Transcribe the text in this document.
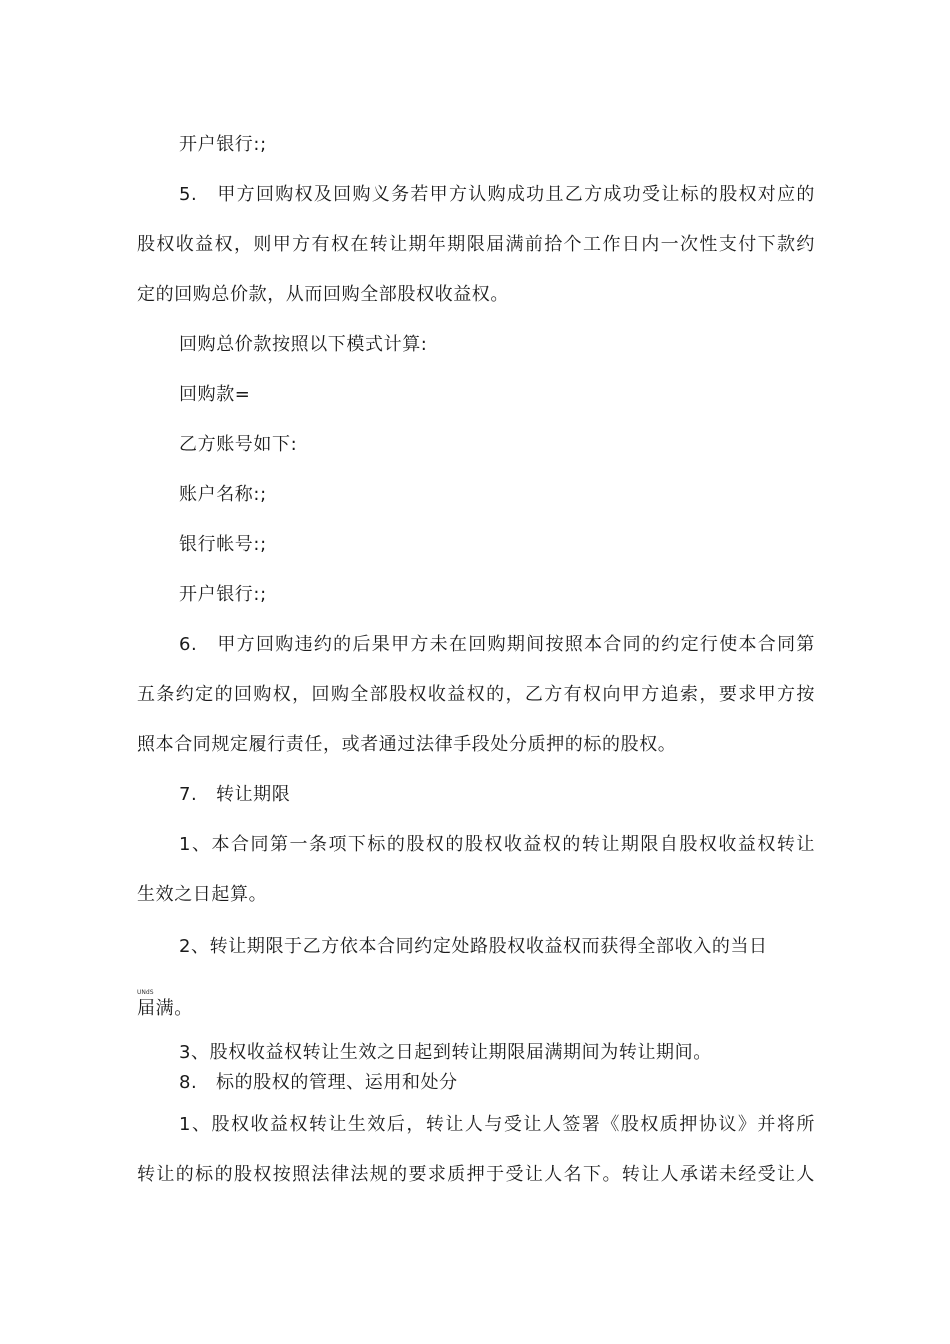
开户银行:;
5.　甲方回购权及回购义务若甲方认购成功且乙方成功受让标的股权对应的
股权收益权，则甲方有权在转让期年期限届满前拾个工作日内一次性支付下款约
定的回购总价款，从而回购全部股权收益权。
回购总价款按照以下模式计算:
回购款=
乙方账号如下:
账户名称:;
银行帐号:;
开户银行:;
6.　甲方回购违约的后果甲方未在回购期间按照本合同的约定行使本合同第
五条约定的回购权，回购全部股权收益权的，乙方有权向甲方追索，要求甲方按
照本合同规定履行责任，或者通过法律手段处分质押的标的股权。
7.　转让期限
1、本合同第一条项下标的股权的股权收益权的转让期限自股权收益权转让
生效之日起算。
2、转让期限于乙方依本合同约定处路股权收益权而获得全部收入的当日
UNdS
届满。
3、股权收益权转让生效之日起到转让期限届满期间为转让期间。
8.　标的股权的管理、运用和处分
1、股权收益权转让生效后，转让人与受让人签署《股权质押协议》并将所
转让的标的股权按照法律法规的要求质押于受让人名下。转让人承诺未经受让人
